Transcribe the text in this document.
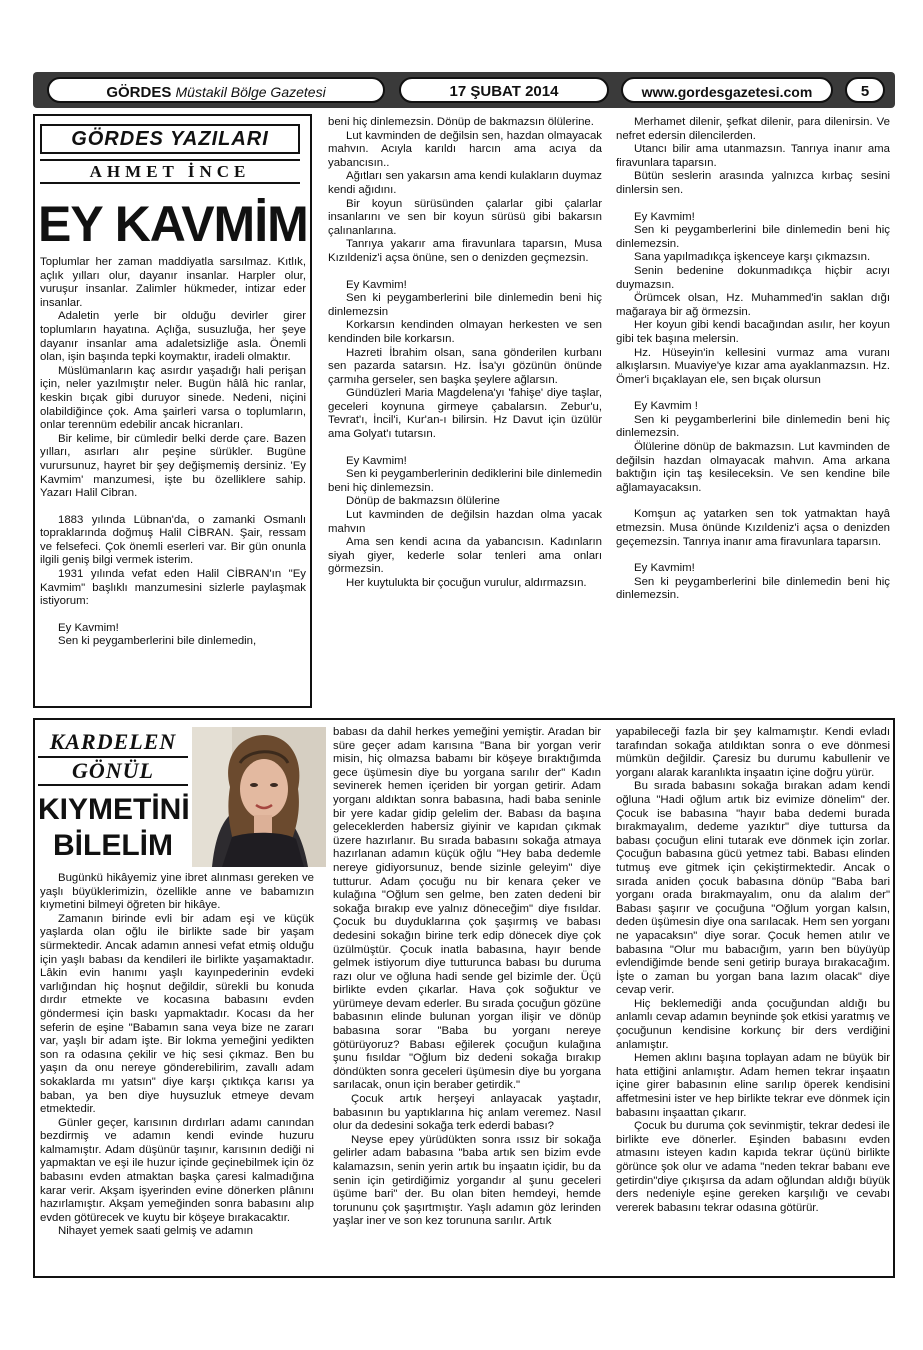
GÖRDES Müstakil Bölge Gazetesi	17 ŞUBAT 2014	www.gordesgazetesi.com	5
GÖRDES YAZILARI
AHMET İNCE
EY KAVMİM

Toplumlar her zaman maddiyatla sarsılmaz. Kıtlık, açlık yılları olur, dayanır insanlar. Harpler olur, vuruşur insanlar. Zalimler hükmeder, intizar eder insanlar.

Adaletin yerle bir olduğu devirler girer toplumların hayatına. Açlığa, susuzluğa, her şeye dayanır insanlar ama adaletsizliğe asla. Önemli olan, işin başında tepki koymaktır, iradeli olmaktır.

Müslümanların kaç asırdır yaşadığı hali perişan için, neler yazılmıştır neler. Bugün hâlâ hic ranlar, keskin bıçak gibi duruyor sinede. Nedeni, niçini olabildiğince çok. Ama şairleri varsa o toplumların, onlar terennüm edebilir ancak hicranları.

Bir kelime, bir cümledir belki derde çare. Bazen yılları, asırları alır peşine sürükler. Bugüne vurursunuz, hayret bir şey değişmemiş dersiniz. 'Ey Kavmim' manzumesi, işte bu özelliklere sahip. Yazarı Halil Cibran.

1883 yılında Lübnan'da, o zamanki Osmanlı topraklarında doğmuş Halil CİBRAN. Şair, ressam ve felsefeci. Çok önemli eserleri var. Bir gün onunla ilgili geniş bilgi vermek isterim.

1931 yılında vefat eden Halil CİBRAN'ın "Ey Kavmim" başlıklı manzumesini sizlerle paylaşmak istiyorum:

Ey Kavmim!

Sen ki peygamberlerini bile dinlemedin,

beni hiç dinlemezsin. Dönüp de bakmazsın ölülerine.

Lut kavminden de değilsin sen, hazdan olmayacak mahvın. Acıyla karıldı harcın ama acıya da yabancısın..

Ağıtları sen yakarsın ama kendi kulakların duymaz kendi ağıdını.

Bir koyun sürüsünden çalarlar gibi çalarlar insanlarını ve sen bir koyun sürüsü gibi bakarsın çalınanlarına.

Tanrıya yakarır ama firavunlara taparsın, Musa Kızıldeniz'i açsa önüne, sen o denizden geçmezsin.

Ey Kavmim!

Sen ki peygamberlerini bile dinlemedin beni hiç dinlemezsin

Korkarsın kendinden olmayan herkesten ve sen kendinden bile korkarsın.

Hazreti İbrahim olsan, sana gönderilen kurbanı sen pazarda satarsın. Hz. İsa'yı gözünün önünde çarmıha gerseler, sen başka şeylere ağlarsın.

Gündüzleri Maria Magdelena'yı 'fahişe' diye taşlar, geceleri koynuna girmeye çabalarsın. Zebur'u, Tevrat'ı, İncil'i, Kur'an-ı bilirsin. Hz Davut için üzülür ama Golyat'ı tutarsın.

Ey Kavmim!

Sen ki peygamberlerinin dediklerini bile dinlemedin beni hiç dinlemezsin.

Dönüp de bakmazsın ölülerine

Lut kavminden de değilsin hazdan olma yacak mahvın

Ama sen kendi acına da yabancısın. Kadınların siyah giyer, kederle solar tenleri ama onları görmezsin.

Her kuytulukta bir çocuğun vurulur, aldırmazsın.

Merhamet dilenir, şefkat dilenir, para dilenirsin. Ve nefret edersin dilencilerden.

Utancı bilir ama utanmazsın. Tanrıya inanır ama firavunlara taparsın.

Bütün seslerin arasında yalnızca kırbaç sesini dinlersin sen.

Ey Kavmim!

Sen ki peygamberlerini bile dinlemedin beni hiç dinlemezsin.

Sana yapılmadıkça işkenceye karşı çıkmazsın.

Senin bedenine dokunmadıkça hiçbir acıyı duymazsın.

Örümcek olsan, Hz. Muhammed'in saklan dığı mağaraya bir ağ örmezsin.

Her koyun gibi kendi bacağından asılır, her koyun gibi tek başına melersin.

Hz. Hüseyin'in kellesini vurmaz ama vuranı alkışlarsın. Muaviye'ye kızar ama ayaklanmazsın. Hz. Ömer'i bıçaklayan ele, sen bıçak olursun

Ey Kavmim !

Sen ki peygamberlerini bile dinlemedin beni hiç dinlemezsin.

Ölülerine dönüp de bakmazsın. Lut kavminden de değilsin hazdan olmayacak mahvın. Ama arkana baktığın için taş kesileceksin. Ve sen kendine bile ağlamayacaksın.

Komşun aç yatarken sen tok yatmaktan hayâ etmezsin. Musa önünde Kızıldeniz'i açsa o denizden geçemezsin. Tanrıya inanır ama firavunlara taparsın.

Ey Kavmim!

Sen ki peygamberlerini bile dinlemedin beni hiç dinlemezsin.

KARDELEN
GÖNÜL
KIYMETİNİ
BİLELİM

Bugünkü hikâyemiz yine ibret alınması gereken ve yaşlı büyüklerimizin, özellikle anne ve babamızın kıymetini bilmeyi öğreten bir hikâye.

Zamanın birinde evli bir adam eşi ve küçük yaşlarda olan oğlu ile birlikte sade bir yaşam sürmektedir. Ancak adamın annesi vefat etmiş olduğu için yaşlı babası da kendileri ile birlikte yaşamaktadır. Lâkin evin hanımı yaşlı kayınpederinin evdeki varlığından hiç hoşnut değildir, sürekli bu konuda dırdır etmekte ve kocasına babasını evden göndermesi için baskı yapmaktadır. Kocası da her seferin de eşine "Babamın sana veya bize ne zararı var, yaşlı bir adam işte. Bir lokma yemeğini yedikten son ra odasına çekilir ve hiç sesi çıkmaz. Ben bu yaşın da onu nereye gönderebilirim, zavallı adam sokaklarda mı yatsın" diye karşı çıktıkça karısı ya baban, ya ben diye huysuzluk etmeye devam etmektedir.

Günler geçer, karısının dırdırları adamı canından bezdirmiş ve adamın kendi evinde huzuru kalmamıştır. Adam düşünür taşınır, karısının dediği ni yapmaktan ve eşi ile huzur içinde geçinebilmek için öz babasını evden atmaktan başka çaresi kalmadığına karar verir. Akşam işyerinden evine dönerken plânını hazırlamıştır. Akşam yemeğinden sonra babasını alıp evden götürecek ve kuytu bir köşeye bırakacaktır.

Nihayet yemek saati gelmiş ve adamın

babası da dahil herkes yemeğini yemiştir. Aradan bir süre geçer adam karısına "Bana bir yorgan verir misin, hiç olmazsa babamı bir köşeye bıraktığımda gece üşümesin diye bu yorgana sarılır der" Kadın sevinerek hemen içeriden bir yorgan getirir. Adam yorganı aldıktan sonra babasına, hadi baba seninle bir yere kadar gidip gelelim der. Babası da başına geleceklerden habersiz giyinir ve kapıdan çıkmak üzere hazırlanır. Bu sırada babasını sokağa atmaya hazırlanan adamın küçük oğlu "Hey baba dedemle nereye gidiyorsunuz, bende sizinle geleyim" diye tutturur. Adam çocuğu nu bir kenara çeker ve kulağına "Oğlum sen gelme, ben zaten dedeni bir sokağa bırakıp eve yalnız döneceğim" diye fısıldar. Çocuk bu duyduklarına çok şaşırmış ve babası dedesini sokağın birine terk edip dönecek diye çok üzülmüştür. Çocuk inatla babasına, hayır bende gelmek istiyorum diye tutturunca babası bu duruma razı olur ve oğluna hadi sende gel bizimle der. Üçü birlikte evden çıkarlar. Hava çok soğuktur ve yürümeye devam ederler. Bu sırada çocuğun gözüne babasının elinde bulunan yorgan ilişir ve dönüp babasına sorar "Baba bu yorganı nereye götürüyoruz? Babası eğilerek çocuğun kulağına şunu fısıldar "Oğlum biz dedeni sokağa bırakıp döndükten sonra geceleri üşümesin diye bu yorgana sarılacak, onun için beraber getirdik."

Çocuk artık herşeyi anlayacak yaştadır, babasının bu yaptıklarına hiç anlam veremez. Nasıl olur da dedesini sokağa terk ederdi babası?

Neyse epey yürüdükten sonra ıssız bir sokağa gelirler adam babasına "baba artık sen bizim evde kalamazsın, senin yerin artık bu inşaatın içidir, bu da senin için getirdiğimiz yorgandır al şunu geceleri üşüme bari" der. Bu olan biten hemdeyi, hemde torununu çok şaşırtmıştır. Yaşlı adamın göz lerinden yaşlar iner ve son kez torununa sarılır. Artık

yapabileceği fazla bir şey kalmamıştır. Kendi evladı tarafından sokağa atıldıktan sonra o eve dönmesi mümkün değildir. Çaresiz bu durumu kabullenir ve yorganı alarak karanlıkta inşaatın içine doğru yürür.

Bu sırada babasını sokağa bırakan adam kendi oğluna "Hadi oğlum artık biz evimize dönelim" der. Çocuk ise babasına "hayır baba dedemi burada bırakmayalım, dedeme yazıktır" diye tuttursa da babası çocuğun elini tutarak eve dönmek için zorlar. Çocuğun babasına gücü yetmez tabi. Babası elinden tutmuş eve gitmek için çekiştirmektedir. Ancak o sırada aniden çocuk babasına dönüp "Baba bari yorganı orada bırakmayalım, onu da alalım der" Babası şaşırır ve çocuğuna "Oğlum yorgan kalsın, deden üşümesin diye ona sarılacak. Hem sen yorganı ne yapacaksın" diye sorar. Çocuk hemen atılır ve babasına "Olur mu babacığım, yarın ben büyüyüp evlendiğimde bende seni getirip buraya bırakacağım. İşte o zaman bu yorgan bana lazım olacak" diye cevap verir.

Hiç beklemediği anda çocuğundan aldığı bu anlamlı cevap adamın beyninde şok etkisi yaratmış ve çocuğunun kendisine korkunç bir ders verdiğini anlamıştır.

Hemen aklını başına toplayan adam ne büyük bir hata ettiğini anlamıştır. Adam hemen tekrar inşaatın içine girer babasının eline sarılıp öperek kendisini affetmesini ister ve hep birlikte tekrar eve dönmek için babasını inşaattan çıkarır.

Çocuk bu duruma çok sevinmiştir, tekrar dedesi ile birlikte eve dönerler. Eşinden babasını evden atmasını isteyen kadın kapıda tekrar üçünü birlikte görünce şok olur ve adama "neden tekrar babanı eve getirdin"diye çıkışırsa da adam oğlundan aldığı büyük ders nedeniyle eşine gereken karşılığı ve cevabı vererek babasını tekrar odasına götürür.
